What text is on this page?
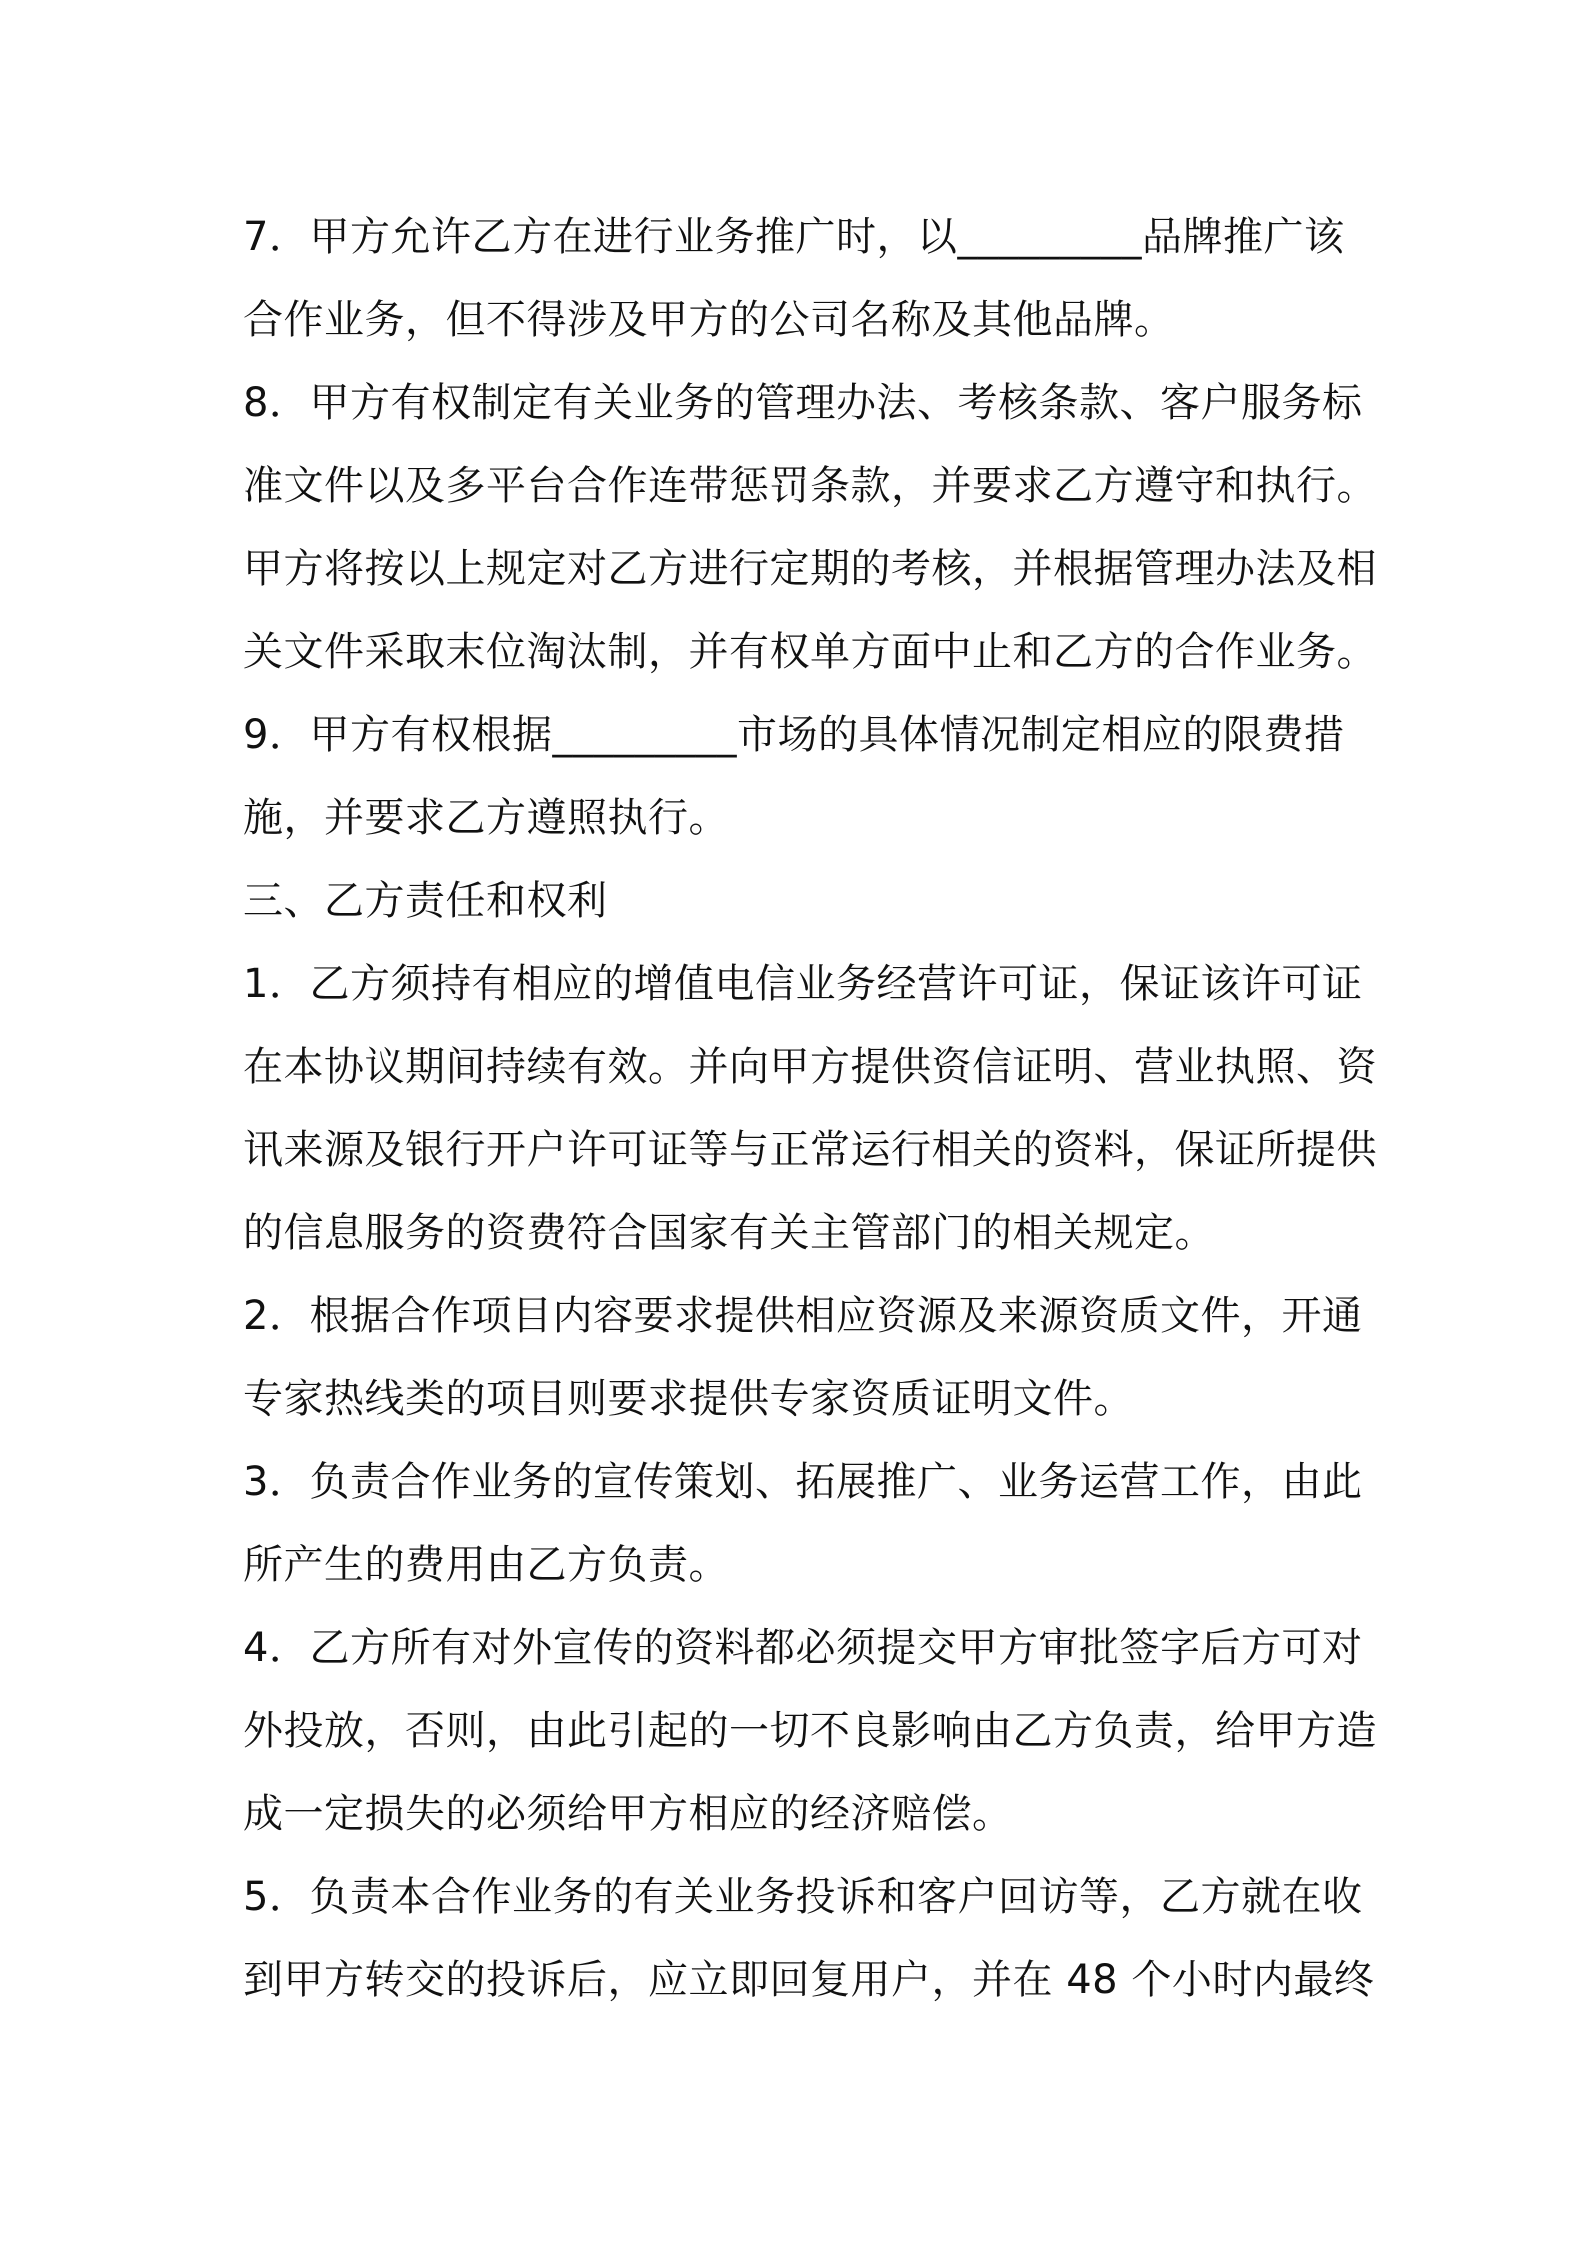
7．甲方允许乙方在进行业务推广时，以_________品牌推广该
合作业务，但不得涉及甲方的公司名称及其他品牌。
8．甲方有权制定有关业务的管理办法、考核条款、客户服务标
准文件以及多平台合作连带惩罚条款，并要求乙方遵守和执行。
甲方将按以上规定对乙方进行定期的考核，并根据管理办法及相
关文件采取末位淘汰制，并有权单方面中止和乙方的合作业务。
9．甲方有权根据_________市场的具体情况制定相应的限费措
施，并要求乙方遵照执行。
三、乙方责任和权利
1．乙方须持有相应的增值电信业务经营许可证，保证该许可证
在本协议期间持续有效。并向甲方提供资信证明、营业执照、资
讯来源及银行开户许可证等与正常运行相关的资料，保证所提供
的信息服务的资费符合国家有关主管部门的相关规定。
2．根据合作项目内容要求提供相应资源及来源资质文件，开通
专家热线类的项目则要求提供专家资质证明文件。
3．负责合作业务的宣传策划、拓展推广、业务运营工作，由此
所产生的费用由乙方负责。
4．乙方所有对外宣传的资料都必须提交甲方审批签字后方可对
外投放，否则，由此引起的一切不良影响由乙方负责，给甲方造
成一定损失的必须给甲方相应的经济赔偿。
5．负责本合作业务的有关业务投诉和客户回访等，乙方就在收
到甲方转交的投诉后，应立即回复用户，并在 48 个小时内最终
